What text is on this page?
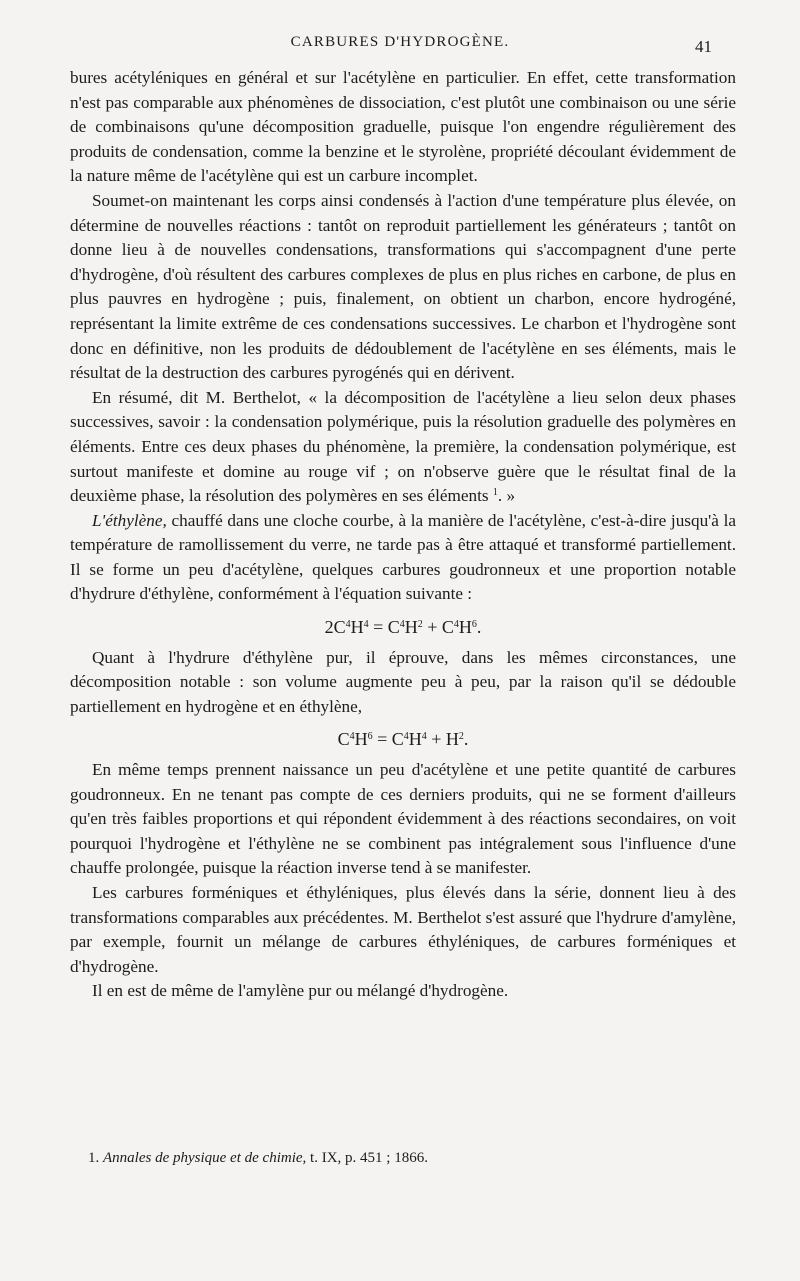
CARBURES D'HYDROGÈNE.	41

bures acétyléniques en général et sur l'acétylène en particulier. En effet, cette transformation n'est pas comparable aux phénomènes de dissociation, c'est plutôt une combinaison ou une série de combinaisons qu'une décomposition graduelle, puisque l'on engendre régulièrement des produits de condensation, comme la benzine et le styrolène, propriété découlant évidemment de la nature même de l'acétylène qui est un carbure incomplet.

Soumet-on maintenant les corps ainsi condensés à l'action d'une température plus élevée, on détermine de nouvelles réactions : tantôt on reproduit partiellement les générateurs ; tantôt on donne lieu à de nouvelles condensations, transformations qui s'accompagnent d'une perte d'hydrogène, d'où résultent des carbures complexes de plus en plus riches en carbone, de plus en plus pauvres en hydrogène ; puis, finalement, on obtient un charbon, encore hydrogéné, représentant la limite extrême de ces condensations successives. Le charbon et l'hydrogène sont donc en définitive, non les produits de dédoublement de l'acétylène en ses éléments, mais le résultat de la destruction des carbures pyrogénés qui en dérivent.

En résumé, dit M. Berthelot, « la décomposition de l'acétylène a lieu selon deux phases successives, savoir : la condensation polymérique, puis la résolution graduelle des polymères en éléments. Entre ces deux phases du phénomène, la première, la condensation polymérique, est surtout manifeste et domine au rouge vif ; on n'observe guère que le résultat final de la deuxième phase, la résolution des polymères en ses éléments $^1$. »

L'éthylène, chauffé dans une cloche courbe, à la manière de l'acétylène, c'est-à-dire jusqu'à la température de ramollissement du verre, ne tarde pas à être attaqué et transformé partiellement. Il se forme un peu d'acétylène, quelques carbures goudronneux et une proportion notable d'hydrure d'éthylène, conformément à l'équation suivante :

$2C^4H^4 = C^4H^2 + C^4H^6$.

Quant à l'hydrure d'éthylène pur, il éprouve, dans les mêmes circonstances, une décomposition notable : son volume augmente peu à peu, par la raison qu'il se dédouble partiellement en hydrogène et en éthylène,

$C^4H^6 = C^4H^4 + H^2$.

En même temps prennent naissance un peu d'acétylène et une petite quantité de carbures goudronneux. En ne tenant pas compte de ces derniers produits, qui ne se forment d'ailleurs qu'en très faibles proportions et qui répondent évidemment à des réactions secondaires, on voit pourquoi l'hydrogène et l'éthylène ne se combinent pas intégralement sous l'influence d'une chauffe prolongée, puisque la réaction inverse tend à se manifester.

Les carbures forméniques et éthyléniques, plus élevés dans la série, donnent lieu à des transformations comparables aux précédentes. M. Berthelot s'est assuré que l'hydrure d'amylène, par exemple, fournit un mélange de carbures éthyléniques, de carbures forméniques et d'hydrogène.

Il en est de même de l'amylène pur ou mélangé d'hydrogène.

1. Annales de physique et de chimie, t. IX, p. 451 ; 1866.
